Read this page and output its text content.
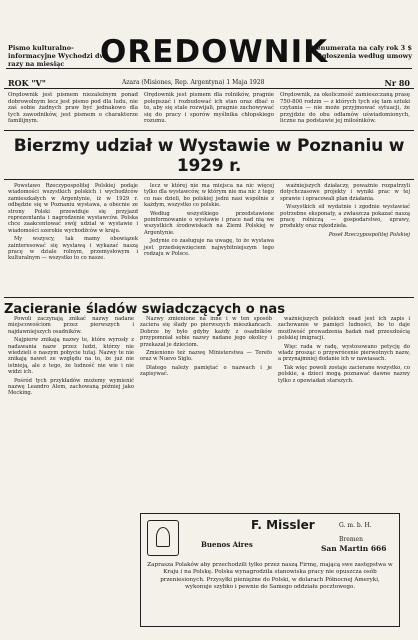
Pismo kulturalno-informacyjne Wychodzi dwa razy na miesiąc	OREDOWNIK
Prenumerata na cały rok 3 $ Ogłoszenia według umowy
ROK "V"	Azara (Misiones, Rep. Argentyna) 1 Maja 1928	Nr 80

Orędownik jest pismem niezależnym ponad dobrowolnym lecz jest pismo pod dla ludu, nie zaś sobie żadnych praw być jednakowo dla tych zawodników, jest pismem o charakterze familijnym.

Orędownik jest pismem dla rolników, pragnie polepszać i rozbudować ich stan oraz dbać o to, aby się stale rozwijali, pragnie zachowywać się do pracy i sporów myślnika chłopskiego rozumu.

Orędownik, za okoliczność zamieszczaną prasę 750-800 rodzin — z których tych się tam sztuki czytania — nie może przyjmować sytuacji, że przyjdzie do obu odłamów uświadomionych, liczne na podstawie jej miłośników.

Bierzmy udział w Wystawie w Poznaniu w 1929 r.

Powstawo Rzeczypospolitej Polskiej podaje wiadomości wszystkich polskich i wychodźców zamieszkałych w Argentynie, iż w 1929 r. odbędzie się w Poznaniu wystawa, a obecnie ze strony Polski przewiduje się przyjazd reprezentanta i nagrodzenie wystawców. Polska chce zaakcentować swój udział w wystawie i wiadomości szerokie wychodźców w kraju.

My wszyscy, tak mamy obowiązek zainteresować się wystawą i wykazać naszą pracę w dziale rolnym, przemysłowym i kulturalnym — wszystko to co nasze.

lecz w której nie ma miejsca na nic więcej tylko dla wystawców, w którym nie ma nic z tego co nas dzieli, bo polskiej jedni nasi wspólnie z każdym, wszystko co polskie.

Według wszystkiego przedstawione poinformowanie o wystawie i prace nad nią we wszystkich środowiskach na Ziemi Polskiej w Argentynie.

Jedynie co zasługuje na uwagę, to że wystawa jest przedsięwzięciem najwybitniejszym tego rodzaju w Polsce.

ważniejszych działaczy, poważnie rozpatrzyli dotychczasowe projekty i wyniki prac w tej sprawie i opracowali plan działania.

Wszystkich sił wydatnie i zgodnie wystawiać potrzebne eksponaty, a zwłaszcza pokazać naszą pracę rolniczą — gospodarstwo, uprawy, produkty oraz rękodzieła.

Poseł Rzeczypospolitej Polskiej

Zacieranie śladów swiadczących o nas

Powoli zaczynają znikać nazwy nadane miejscowościom przez pierwszych i najdawniejszych osadników.

Najpierw znikają nazwy te, które wyrosły z nadawania nazw przez ludzi, którzy nie wiedzieli o naszym pobycie tutaj. Nazwy te nie znikają nawet ze względu na to, że już nie istnieją, ale z tego, że ludność nie wie i nie widzi ich.

Pośród tych przykładów możemy wymienić nazwę Leandro Alem, zachowaną później jako Mecking.

Nazwy zmienione na inne i w ten sposób zaciera się ślady po pierwszych mieszkańcach. Dobrze by było gdyby każdy z osadników przypomniał sobie nazwy nadane jego okolicy i przekazał je dzieciom.

Zmieniono też nazwę Ministerstwa — Terefo oraz w Nuevo Siglo.

Dlatego należy pamiętać o nazwach i je zapisywać.

ważniejszych polskich osad jest ich zapis i zachowanie w pamięci ludności, bo to daje możliwość prowadzenia badań nad przeszłością polskiej imigracji.

Więc rada w radę, wystosowano petycję do władz prosząc o przywrócenie pierwotnych nazw, a przynajmniej dodanie ich w nawiasach.

Tak więc powoli zostaje zacierane wszystko, co polskie, a dzieci mogą poznawać dawne nazwy tylko z opowiadań starszych.

F. Missler	G. m. b. H.
Buenos Aires
Bremen
San Martin 666
Zaprasza Polaków aby przechodzili tylko przez naszą Firmę, mającą swe zastępstwa w Kraju i na Polskę. Polska wynagrodziła stanowiska pracy nie opuszcza osób przeniesionych. Przysyłki pieniężne do Polski, w dolarach Północnej Ameryki, wykonuje szybko i pewnie do Samego oddziału pocztowego.
